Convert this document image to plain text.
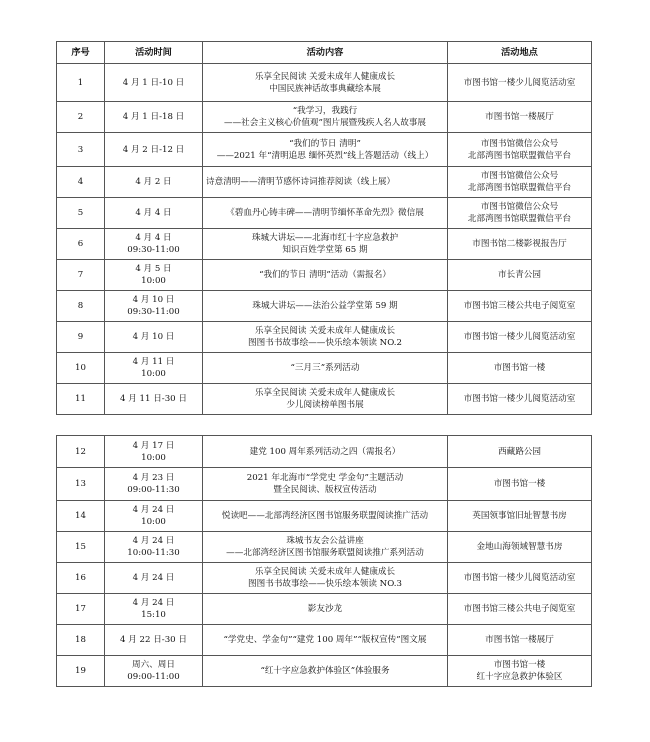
序号	活动时间	活动内容	活动地点
1	4 月 1 日-10 日	乐享全民阅读 关爱未成年人健康成长
中国民族神话故事典藏绘本展	市图书馆一楼少儿阅览活动室

2	4 月 1 日-18 日	“我学习，我践行
——社会主义核心价值观”图片展暨残疾人名人故事展	市图书馆一楼展厅

3	4 月 2 日-12 日	“我们的节日 清明”
——2021 年“清明追思 缅怀英烈”线上答题活动（线上）	市图书馆微信公众号
北部湾图书馆联盟微信平台

4	4 月 2 日	诗意清明——清明节感怀诗词推荐阅读（线上展）	市图书馆微信公众号
北部湾图书馆联盟微信平台

5	4 月 4 日	《碧血丹心铸丰碑——清明节缅怀革命先烈》微信展	市图书馆微信公众号
北部湾图书馆联盟微信平台

6	4 月 4 日
09:30-11:00	珠城大讲坛——北海市红十字应急救护
知识百姓学堂第 65 期	市图书馆二楼影视报告厅

7	4 月 5 日
10:00	“我们的节日 清明”活动（需报名）	市长青公园

8	4 月 10 日
09:30-11:00	珠城大讲坛——法治公益学堂第 59 期	市图书馆三楼公共电子阅览室

9	4 月 10 日	乐享全民阅读 关爱未成年人健康成长
图图书书故事绘——快乐绘本领读 NO.2	市图书馆一楼少儿阅览活动室

10	4 月 11 日
10:00	“三月三”系列活动	市图书馆一楼

11	4 月 11 日-30 日	乐享全民阅读 关爱未成年人健康成长
少儿阅读榜单图书展	市图书馆一楼少儿阅览活动室
12	4 月 17 日
10:00	建党 100 周年系列活动之四（需报名）	西藏路公园

13	4 月 23 日
09:00-11:30	2021 年北海市“学党史 学金句”主题活动
暨全民阅读、版权宣传活动	市图书馆一楼

14	4 月 24 日
10:00	悦读吧——北部湾经济区图书馆服务联盟阅读推广活动	英国领事馆旧址智慧书房

15	4 月 24 日
10:00-11:30	珠城书友会公益讲座
——北部湾经济区图书馆服务联盟阅读推广系列活动	金地山海领域智慧书房

16	4 月 24 日	乐享全民阅读 关爱未成年人健康成长
图图书书故事绘——快乐绘本领读 NO.3	市图书馆一楼少儿阅览活动室

17	4 月 24 日
15:10	影友沙龙	市图书馆三楼公共电子阅览室

18	4 月 22 日-30 日	“学党史、学金句”“建党 100 周年”“版权宣传”图文展	市图书馆一楼展厅

19	周六、周日
09:00-11:00	“红十字应急救护体验区”体验服务	市图书馆一楼
红十字应急救护体验区
